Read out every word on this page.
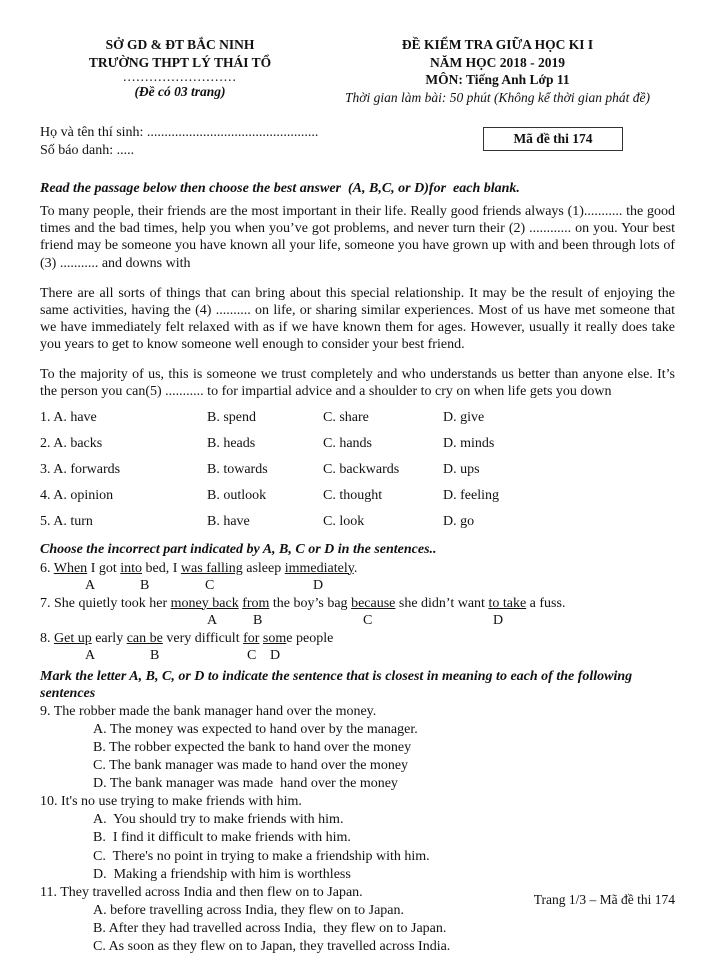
SỞ GD & ĐT BẮC NINH
TRƯỜNG THPT LÝ THÁI TỔ
..........................
(Đề có 03 trang)
ĐỀ KIỂM TRA GIỮA HỌC KI I
NĂM HỌC 2018 - 2019
MÔN: Tiếng Anh Lớp 11
Thời gian làm bài: 50 phút (Không kể thời gian phát đề)
Họ và tên thí sinh: .................................................
Số báo danh: .....
Mã đề thi 174
Read the passage below then choose the best answer  (A, B,C, or D)for  each blank.

To many people, their friends are the most important in their life. Really good friends always (1)........... the good times and the bad times, help you when you’ve got problems, and never turn their (2) ............ on you. Your best friend may be someone you have known all your life, someone you have grown up with and been through lots of (3) ........... and downs with

There are all sorts of things that can bring about this special relationship. It may be the result of enjoying the same activities, having the (4) .......... on life, or sharing similar experiences. Most of us have met someone that we have immediately felt relaxed with as if we have known them for ages. However, usually it really does take you years to get to know someone well enough to consider your best friend.

To the majority of us, this is someone we trust completely and who understands us better than anyone else. It’s the person you can(5) ........... to for impartial advice and a shoulder to cry on when life gets you down

1. A. have	B. spend	C. share	D. give
2. A. backs	B. heads	C. hands	D. minds
3. A. forwards	B. towards	C. backwards	D. ups
4. A. opinion	B. outlook	C. thought	D. feeling
5. A. turn	B. have	C. look	D. go
Choose the incorrect part indicated by A, B, C or D in the sentences..
6. When I got into bed, I was falling asleep immediately.
A	B	C	D
7. She quietly took her money back from the boy’s bag because she didn’t want to take a fuss.
A	B	C	D
8. Get up early can be very difficult for some people
A	B	C D
Mark the letter A, B, C, or D to indicate the sentence that is closest in meaning to each of the following sentences
9. The robber made the bank manager hand over the money.
A. The money was expected to hand over by the manager.
B. The robber expected the bank to hand over the money
C. The bank manager was made to hand over the money
D. The bank manager was made  hand over the money
10. It's no use trying to make friends with him.
A.  You should try to make friends with him.
B.  I find it difficult to make friends with him.
C.  There's no point in trying to make a friendship with him.
D.  Making a friendship with him is worthless
11. They travelled across India and then flew on to Japan.
A. before travelling across India, they flew on to Japan.
B. After they had travelled across India,  they flew on to Japan.
C. As soon as they flew on to Japan, they travelled across India.
Trang 1/3 – Mã đề thi 174
